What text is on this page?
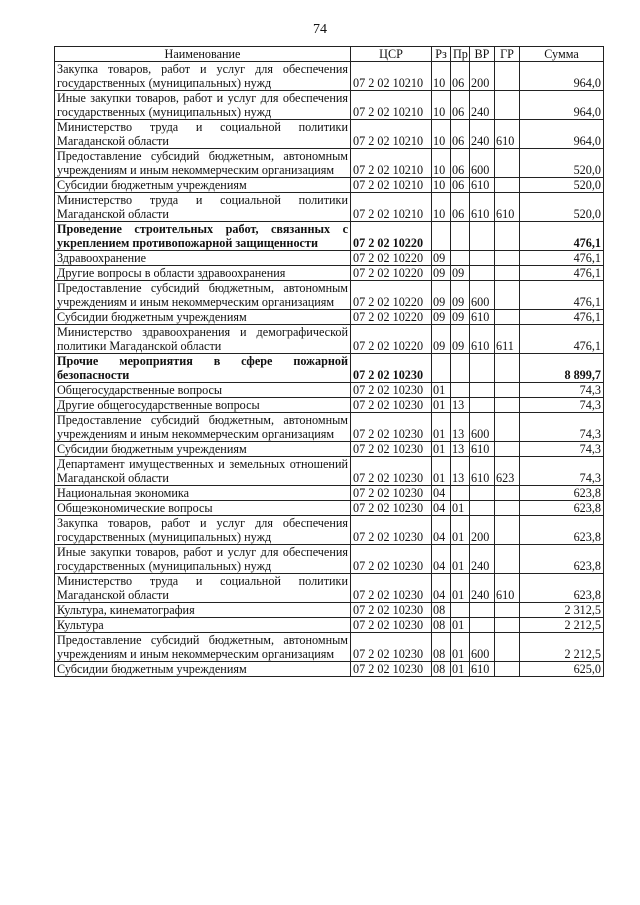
74
Наименование	ЦСР	Рз	Пр	ВР	ГР	Сумма
Закупка товаров, работ и услуг для обеспечения государственных (муниципальных) нужд	07 2 02 10210	10	06	200		964,0
Иные закупки товаров, работ и услуг для обеспечения государственных (муниципальных) нужд	07 2 02 10210	10	06	240		964,0
Министерство труда и социальной политики Магаданской области	07 2 02 10210	10	06	240	610	964,0
Предоставление субсидий бюджетным, автономным учреждениям и иным некоммерческим организациям	07 2 02 10210	10	06	600		520,0
Субсидии бюджетным учреждениям	07 2 02 10210	10	06	610		520,0
Министерство труда и социальной политики Магаданской области	07 2 02 10210	10	06	610	610	520,0
Проведение строительных работ, связанных с укреплением противопожарной защищенности	07 2 02 10220					476,1
Здравоохранение	07 2 02 10220	09				476,1
Другие вопросы в области здравоохранения	07 2 02 10220	09	09			476,1
Предоставление субсидий бюджетным, автономным учреждениям и иным некоммерческим организациям	07 2 02 10220	09	09	600		476,1
Субсидии бюджетным учреждениям	07 2 02 10220	09	09	610		476,1
Министерство здравоохранения и демографической политики Магаданской области	07 2 02 10220	09	09	610	611	476,1
Прочие мероприятия в сфере пожарной безопасности	07 2 02 10230					8 899,7
Общегосударственные вопросы	07 2 02 10230	01				74,3
Другие общегосударственные вопросы	07 2 02 10230	01	13			74,3
Предоставление субсидий бюджетным, автономным учреждениям и иным некоммерческим организациям	07 2 02 10230	01	13	600		74,3
Субсидии бюджетным учреждениям	07 2 02 10230	01	13	610		74,3
Департамент имущественных и земельных отношений Магаданской области	07 2 02 10230	01	13	610	623	74,3
Национальная экономика	07 2 02 10230	04				623,8
Общеэкономические вопросы	07 2 02 10230	04	01			623,8
Закупка товаров, работ и услуг для обеспечения государственных (муниципальных) нужд	07 2 02 10230	04	01	200		623,8
Иные закупки товаров, работ и услуг для обеспечения государственных (муниципальных) нужд	07 2 02 10230	04	01	240		623,8
Министерство труда и социальной политики Магаданской области	07 2 02 10230	04	01	240	610	623,8
Культура, кинематография	07 2 02 10230	08				2 312,5
Культура	07 2 02 10230	08	01			2 212,5
Предоставление субсидий бюджетным, автономным учреждениям и иным некоммерческим организациям	07 2 02 10230	08	01	600		2 212,5
Субсидии бюджетным учреждениям	07 2 02 10230	08	01	610		625,0
